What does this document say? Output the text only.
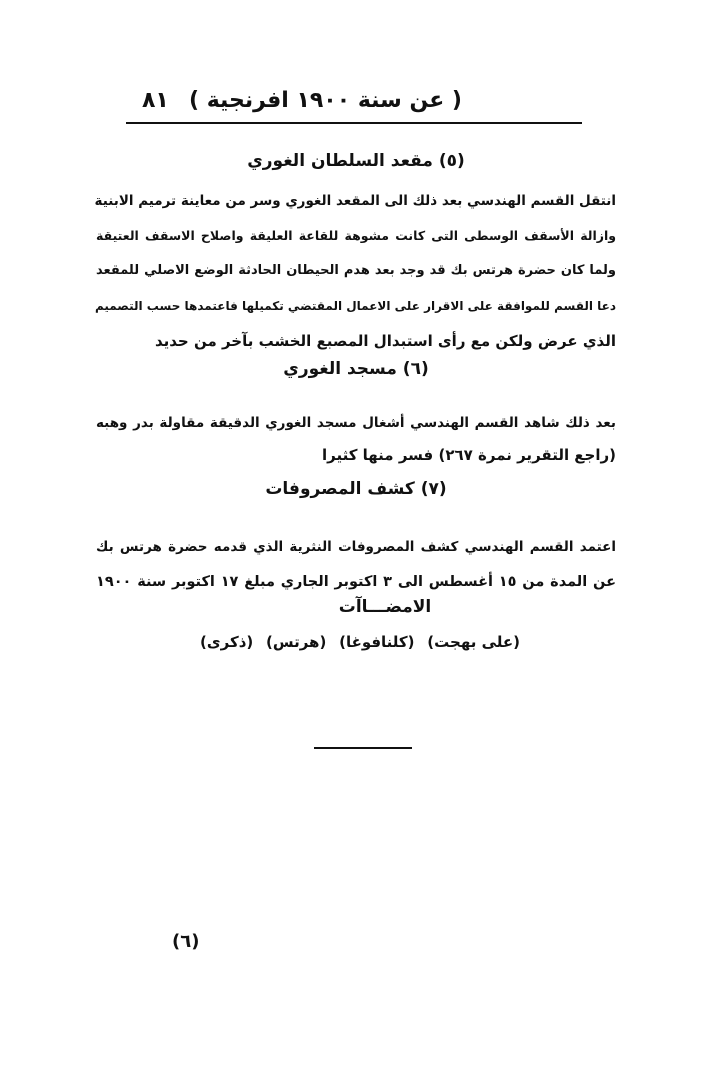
( عن سنة ١٩٠٠ افرنجية )
٨١

(٥) مقعد السلطان الغوري

انتقل القسم الهندسي بعد ذلك الى المقعد الغوري وسر من معاينة ترميم الابنية

وازالة الأسقف الوسطى التى كانت مشوهة للقاعة العليقة واصلاح الاسقف العتيقة

ولما كان حضرة هرتس بك قد وجد بعد هدم الحيطان الحادثة الوضع الاصلي للمقعد

دعا القسم للموافقة على الاقرار على الاعمال المقتضي تكميلها فاعتمدها حسب التصميم

الذي عرض ولكن مع رأى استبدال المصبع الخشب بآخر من حديد

(٦) مسجد الغوري

بعد ذلك شاهد القسم الهندسي أشغال مسجد الغوري الدقيقة مقاولة بدر وهبه

(راجع التقرير نمرة ٢٦٧) فسر منها كثيرا

(٧) كشف المصروفات

اعتمد القسم الهندسي كشف المصروفات النثرية الذي قدمه حضرة هرتس بك

عن المدة من ١٥ أغسطس الى ٣ اكتوبر الجاري مبلغ ١٧ اكتوبر سنة ١٩٠٠

الامضـــاآت
(على بهجت)
(كلنافوغا)
(هرتس)
(ذكرى)
(٦)
